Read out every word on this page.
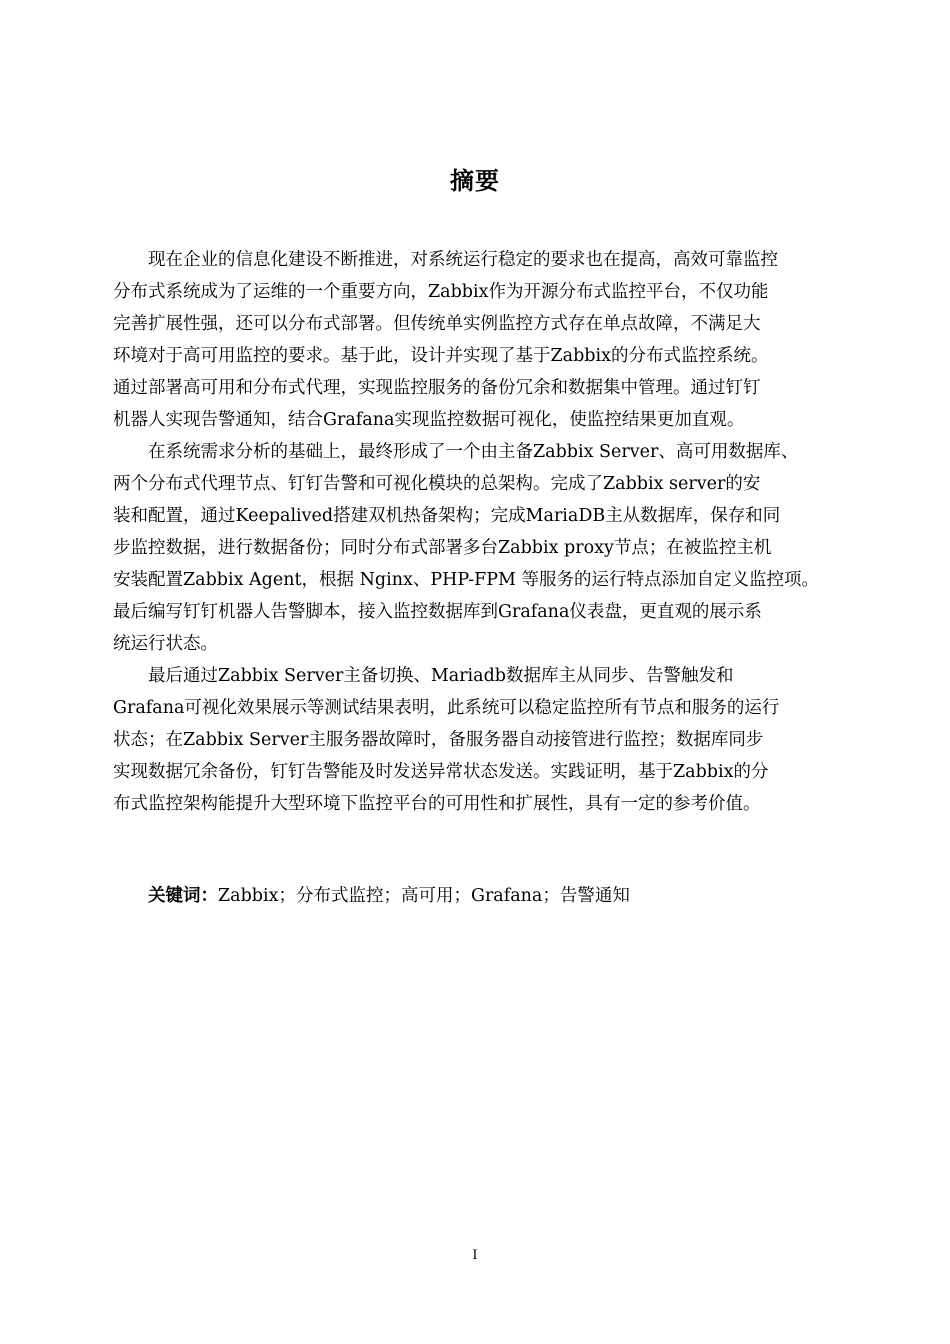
摘要
现在企业的信息化建设不断推进，对系统运行稳定的要求也在提高，高效可靠监控
分布式系统成为了运维的一个重要方向，Zabbix作为开源分布式监控平台，不仅功能
完善扩展性强，还可以分布式部署。但传统单实例监控方式存在单点故障，不满足大
环境对于高可用监控的要求。基于此，设计并实现了基于Zabbix的分布式监控系统。
通过部署高可用和分布式代理，实现监控服务的备份冗余和数据集中管理。通过钉钉
机器人实现告警通知，结合Grafana实现监控数据可视化，使监控结果更加直观。
在系统需求分析的基础上，最终形成了一个由主备Zabbix Server、高可用数据库、
两个分布式代理节点、钉钉告警和可视化模块的总架构。完成了Zabbix server的安
装和配置，通过Keepalived搭建双机热备架构；完成MariaDB主从数据库，保存和同
步监控数据，进行数据备份；同时分布式部署多台Zabbix proxy节点；在被监控主机
安装配置Zabbix Agent，根据 Nginx、PHP-FPM 等服务的运行特点添加自定义监控项。
最后编写钉钉机器人告警脚本，接入监控数据库到Grafana仪表盘，更直观的展示系
统运行状态。
最后通过Zabbix Server主备切换、Mariadb数据库主从同步、告警触发和
Grafana可视化效果展示等测试结果表明，此系统可以稳定监控所有节点和服务的运行
状态；在Zabbix Server主服务器故障时，备服务器自动接管进行监控；数据库同步
实现数据冗余备份，钉钉告警能及时发送异常状态发送。实践证明，基于Zabbix的分
布式监控架构能提升大型环境下监控平台的可用性和扩展性，具有一定的参考价值。
关键词：Zabbix；分布式监控；高可用；Grafana；告警通知
I
